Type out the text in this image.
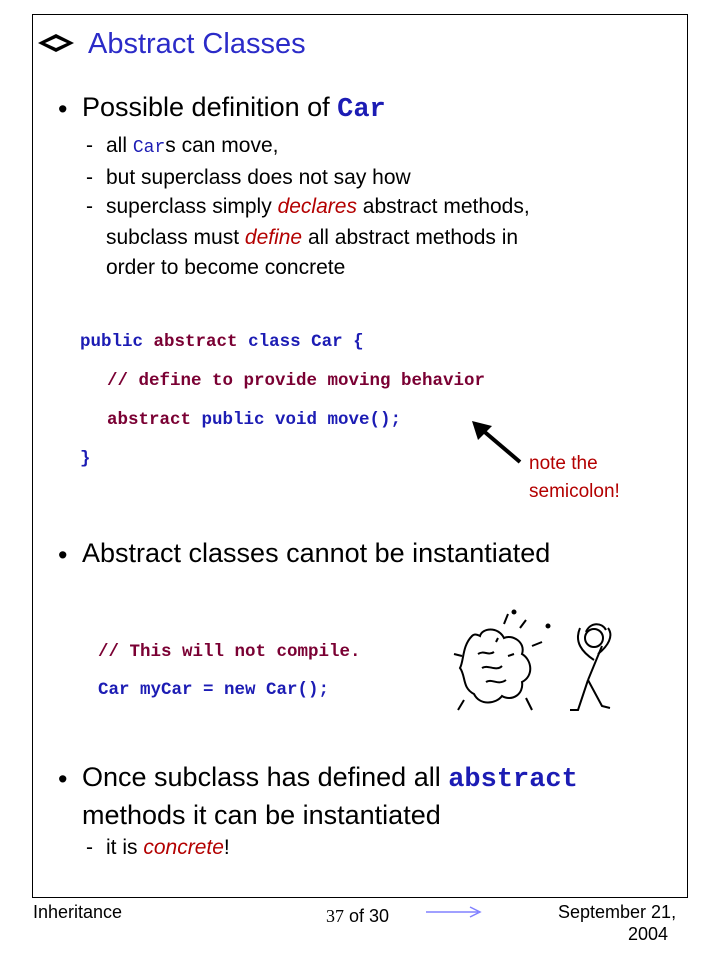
Abstract Classes
• Possible definition of Car
- all Cars can move,
- but superclass does not say how
- superclass simply declares abstract methods,
subclass must define all abstract methods in
order to become concrete
public abstract class Car {
// define to provide moving behavior
abstract public void move();
}	note the
semicolon!
• Abstract classes cannot be instantiated
// This will not compile.
Car myCar = new Car();
• Once subclass has defined all abstract
methods it can be instantiated
- it is concrete!
Inheritance	37 of 30	September 21,
2004
